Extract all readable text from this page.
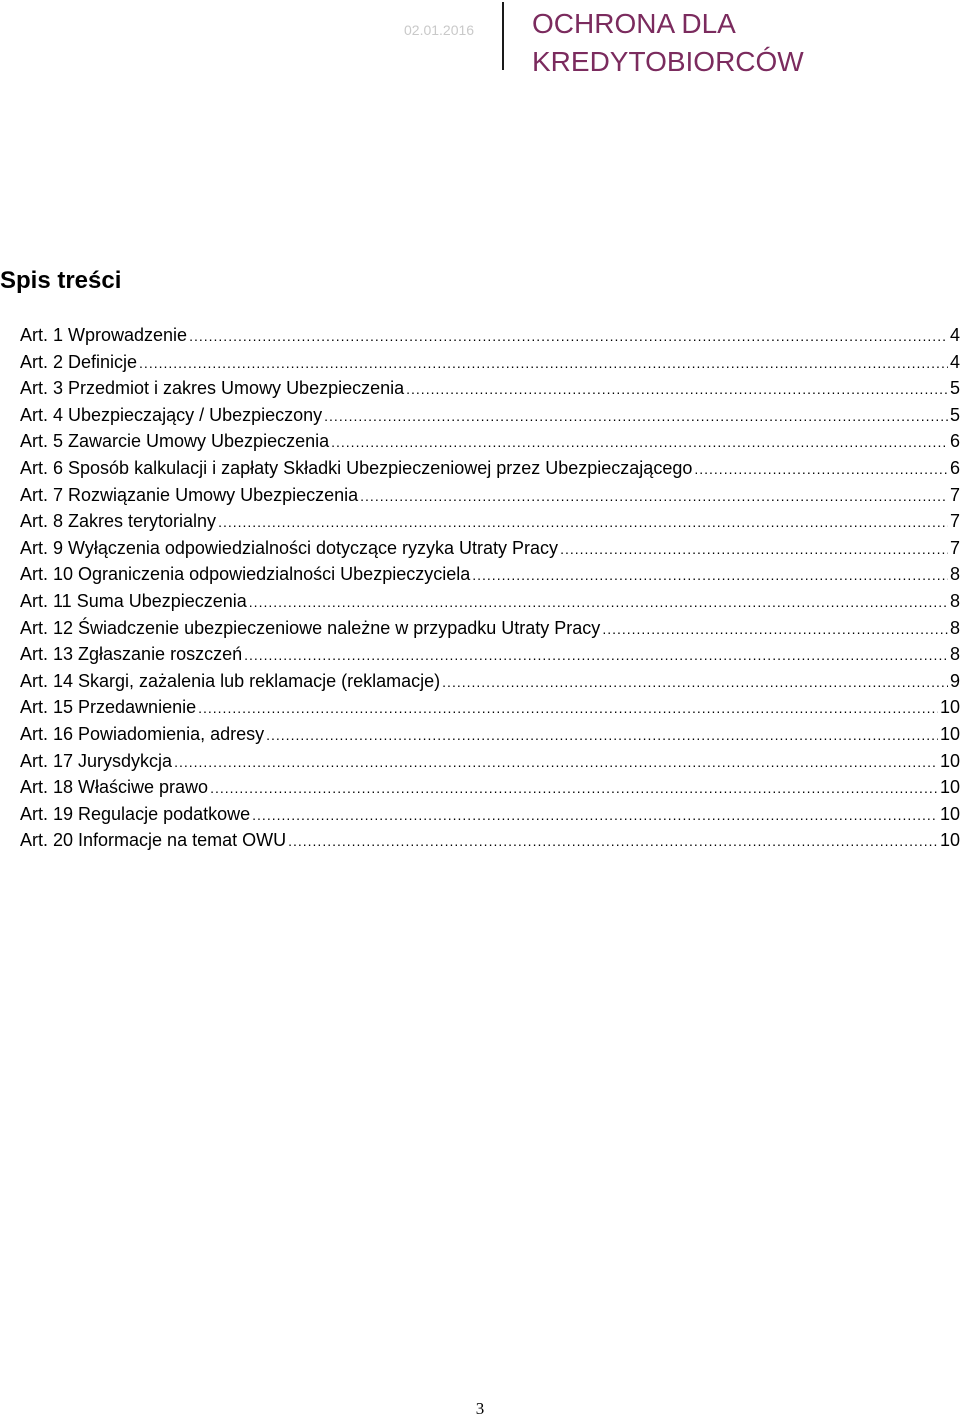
02.01.2016 OCHRONA DLA
KREDYTOBIORCÓW
Spis treści
Art. 1 Wprowadzenie .....	4
Art. 2 Definicje .....	4
Art. 3 Przedmiot i zakres Umowy Ubezpieczenia .....	5
Art. 4 Ubezpieczający / Ubezpieczony .....	5
Art. 5 Zawarcie Umowy Ubezpieczenia .....	6
Art. 6 Sposób kalkulacji i zapłaty Składki Ubezpieczeniowej przez Ubezpieczającego .....	6
Art. 7 Rozwiązanie Umowy Ubezpieczenia .....	7
Art. 8 Zakres terytorialny .....	7
Art. 9 Wyłączenia odpowiedzialności dotyczące ryzyka Utraty Pracy .....	7
Art. 10 Ograniczenia odpowiedzialności Ubezpieczyciela .....	8
Art. 11 Suma Ubezpieczenia .....	8
Art. 12 Świadczenie ubezpieczeniowe należne w przypadku Utraty Pracy .....	8
Art. 13 Zgłaszanie roszczeń .....	8
Art. 14 Skargi, zażalenia lub reklamacje (reklamacje) .....	9
Art. 15 Przedawnienie .....	10
Art. 16 Powiadomienia, adresy .....	10
Art. 17 Jurysdykcja .....	10
Art. 18 Właściwe prawo .....	10
Art. 19 Regulacje podatkowe .....	10
Art. 20 Informacje na temat OWU .....	10
3
